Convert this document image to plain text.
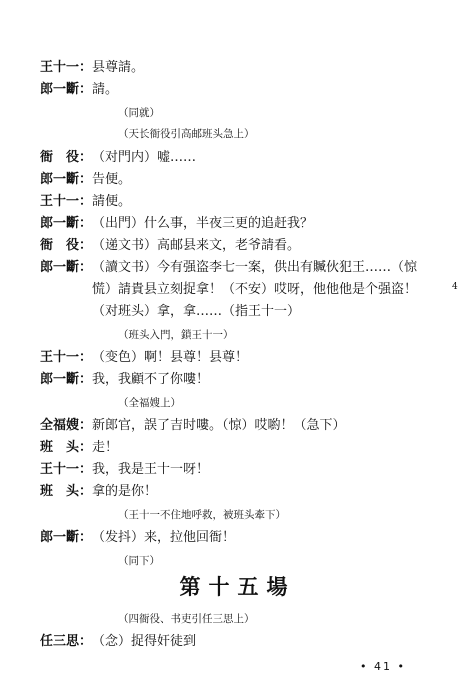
王十一：县尊請。
郎一斷：請。
（同就）
（天长衙役引高邮班头急上）
衙　役：（对門内）嘘……
郎一斷：告便。
王十一：請便。
郎一斷：（出門）什么事，半夜三更的追赶我？
衙　役：（递文书）高邮县来文，老爷請看。
郎一斷：（讀文书）今有强盗李七一案，供出有贓伙犯王……（惊
慌）請貴县立刻捉拿！（不安）哎呀，他他他是个强盗！
（对班头）拿，拿……（指王十一）
（班头入門，鎖王十一）
王十一：（变色）啊！县尊！县尊！
郎一斷：我，我顧不了你嘍！
（全福嫂上）
全福嫂：新郎官，誤了吉时嘍。（惊）哎喲！（急下）
班　头：走！
王十一：我，我是王十一呀！
班　头：拿的是你！
（王十一不住地呼救，被班头牽下）
郎一斷：（发抖）来，拉他回衙！
（同下）
第十五場
（四衙役、书吏引任三思上）
任三思：（念）捉得奸徒到
4
• 41 •
